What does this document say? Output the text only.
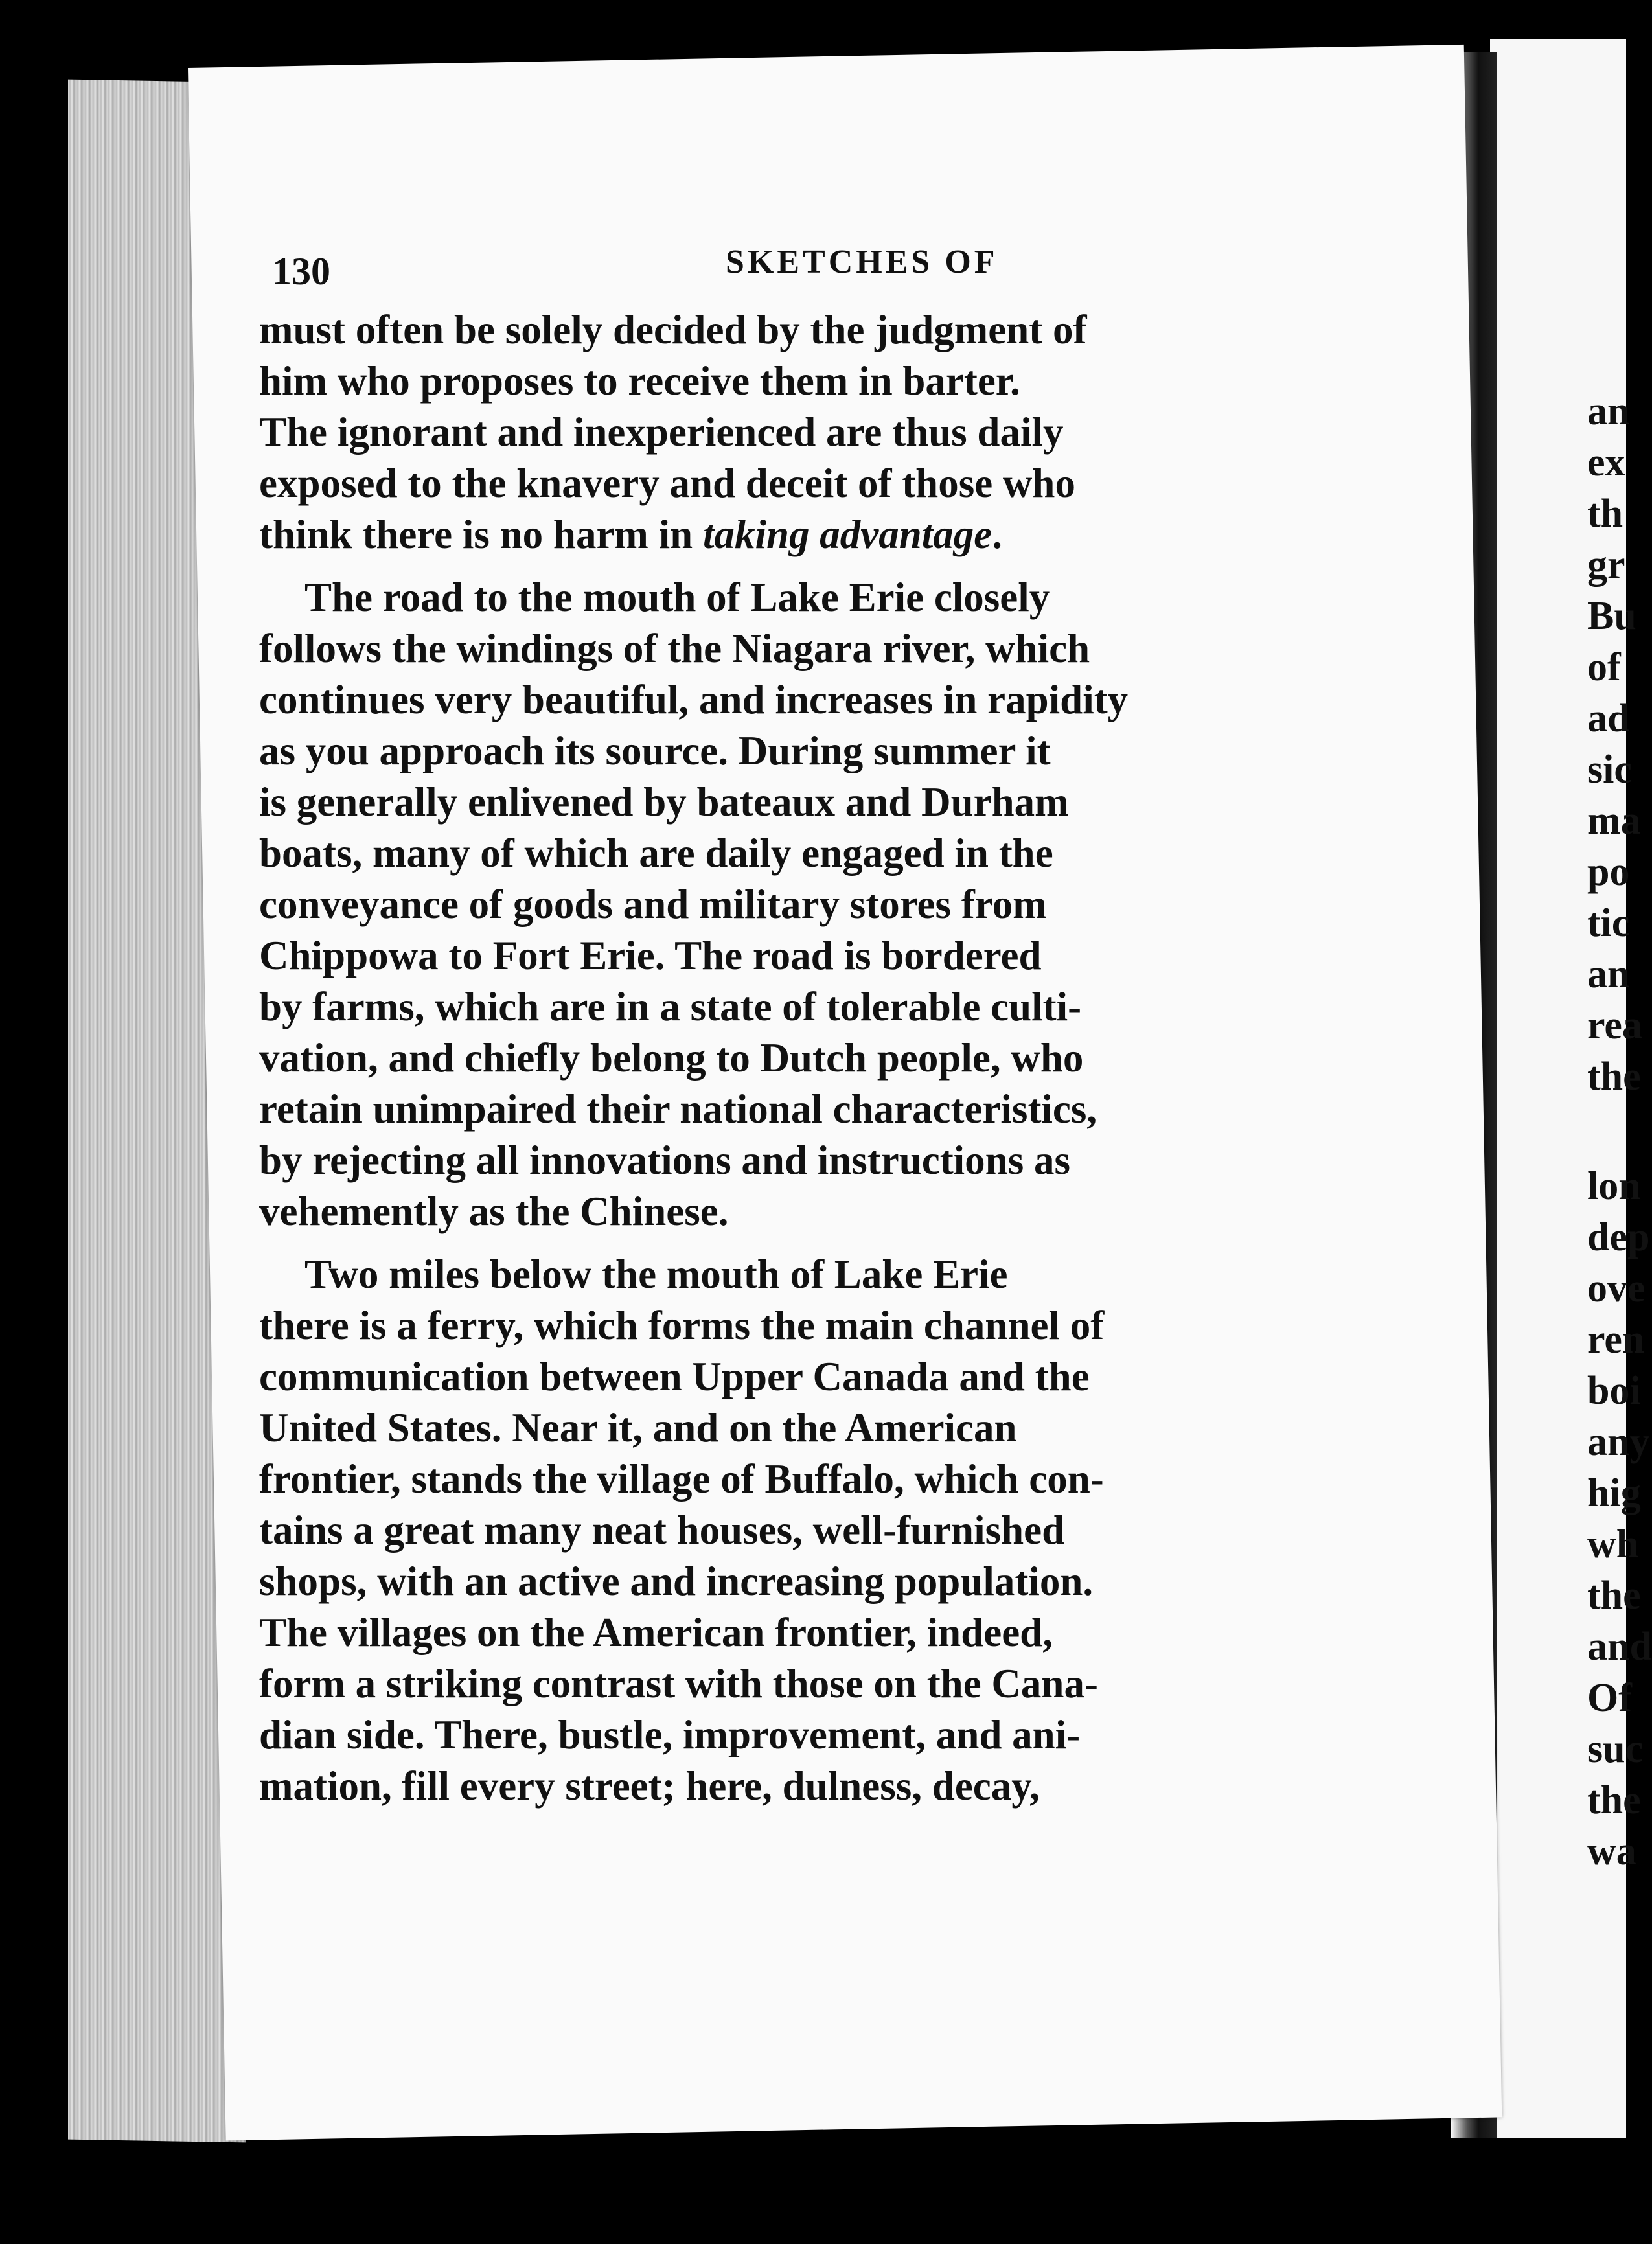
an
ex
th
gr
Bu
of
ad
sic
ma
po
tic
an
rea
the
lon
dep
ove
ren
boi
any
hig
wh
the
and
Of
suc
the
wa
130	SKETCHES OF
must often be solely decided by the judgment of
him who proposes to receive them in barter.
The ignorant and inexperienced are thus daily
exposed to the knavery and deceit of those who
think there is no harm in taking advantage.
The road to the mouth of Lake Erie closely
follows the windings of the Niagara river, which
continues very beautiful, and increases in rapidity
as you approach its source. During summer it
is generally enlivened by bateaux and Durham
boats, many of which are daily engaged in the
conveyance of goods and military stores from
Chippowa to Fort Erie. The road is bordered
by farms, which are in a state of tolerable culti-
vation, and chiefly belong to Dutch people, who
retain unimpaired their national characteristics,
by rejecting all innovations and instructions as
vehemently as the Chinese.
Two miles below the mouth of Lake Erie
there is a ferry, which forms the main channel of
communication between Upper Canada and the
United States. Near it, and on the American
frontier, stands the village of Buffalo, which con-
tains a great many neat houses, well-furnished
shops, with an active and increasing population.
The villages on the American frontier, indeed,
form a striking contrast with those on the Cana-
dian side. There, bustle, improvement, and ani-
mation, fill every street; here, dulness, decay,
